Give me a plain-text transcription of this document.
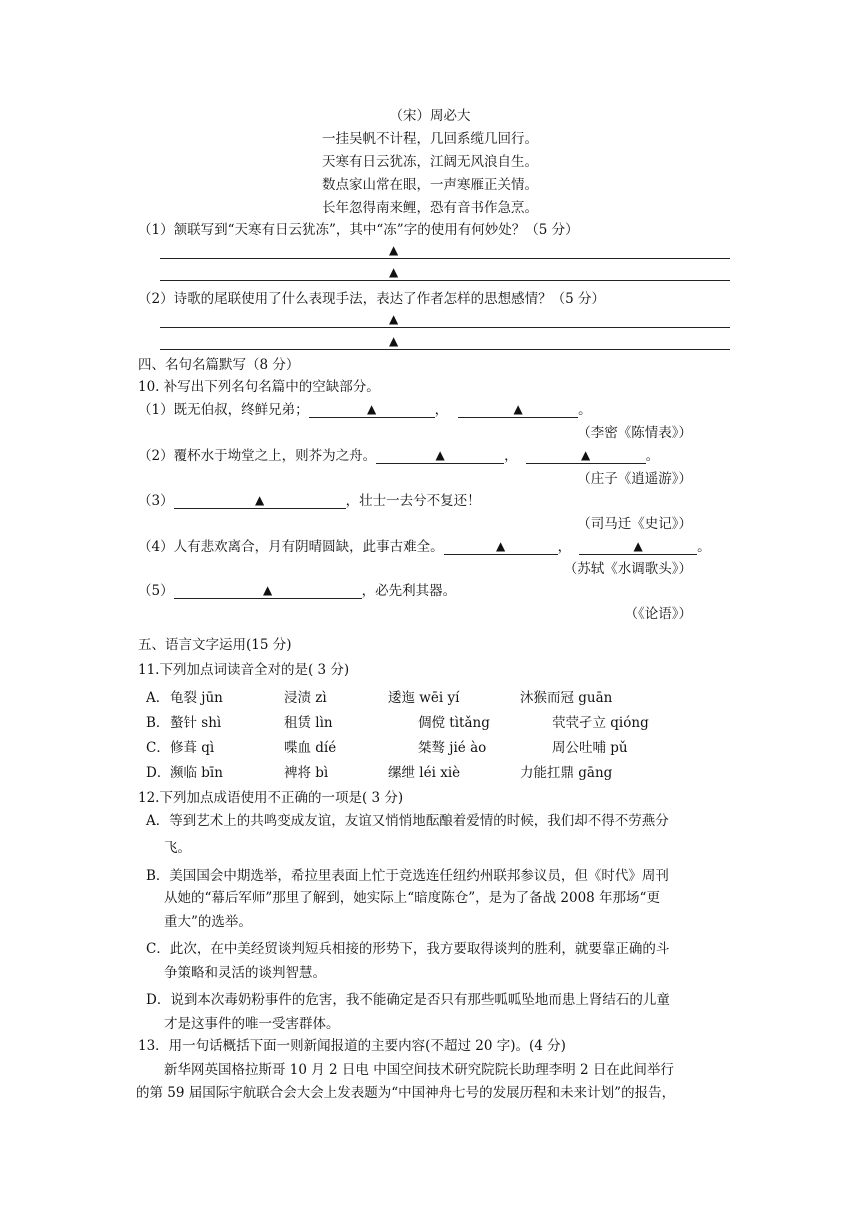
（宋）周必大
一挂吴帆不计程，几回系缆几回行。
天寒有日云犹冻，江阔无风浪自生。
数点家山常在眼，一声寒雁正关情。
长年忽得南来鲤，恐有音书作急烹。
（1）颔联写到“天寒有日云犹冻”，其中“冻”字的使用有何妙处？（5 分）
▲
▲
（2）诗歌的尾联使用了什么表现手法，表达了作者怎样的思想感情？（5 分）
▲
▲
四、名句名篇默写（8 分）
10. 补写出下列名句名篇中的空缺部分。
（1）既无伯叔，终鲜兄弟；	▲	，	▲	。
（李密《陈情表》）
（2）覆杯水于坳堂之上，则芥为之舟。	▲	，	▲	。
（庄子《逍遥游》）
（3）	▲	，壮士一去兮不复还！
（司马迁《史记》）
（4）人有悲欢离合，月有阴晴圆缺，此事古难全。	▲	，	▲	。
（苏轼《水调歌头》）
（5）	▲	，必先利其器。
（《论语》）
五、语言文字运用(15 分)
11.下列加点词读音全对的是( 3 分)
A． 龟裂 jūn	浸渍 zì	逶迤 wēi yí	沐猴而冠 guān
B． 螯针 shì	租赁 lìn	倜傥 tìtǎng	茕茕孑立 qióng
C． 修葺 qì	喋血 díé	桀骜 jié ào	周公吐哺 pǔ
D． 濒临 bīn	裨将 bì	缧绁 léi xiè	力能扛鼎 gāng
12.下列加点成语使用不正确的一项是( 3 分)
A．等到艺术上的共鸣变成友谊，友谊又悄悄地酝酿着爱情的时候，我们却不得不劳燕分
飞。
B．美国国会中期选举，希拉里表面上忙于竞选连任纽约州联邦参议员，但《时代》周刊
从她的“幕后军师”那里了解到，她实际上“暗度陈仓”，是为了备战 2008 年那场“更
重大”的选举。
C．此次，在中美经贸谈判短兵相接的形势下，我方要取得谈判的胜利，就要靠正确的斗
争策略和灵活的谈判智慧。
D．说到本次毒奶粉事件的危害，我不能确定是否只有那些呱呱坠地而患上肾结石的儿童
才是这事件的唯一受害群体。
13．用一句话概括下面一则新闻报道的主要内容(不超过 20 字)。(4 分)
新华网英国格拉斯哥 10 月 2 日电 中国空间技术研究院院长助理李明 2 日在此间举行
的第 59 届国际宇航联合会大会上发表题为“中国神舟七号的发展历程和未来计划”的报告，
